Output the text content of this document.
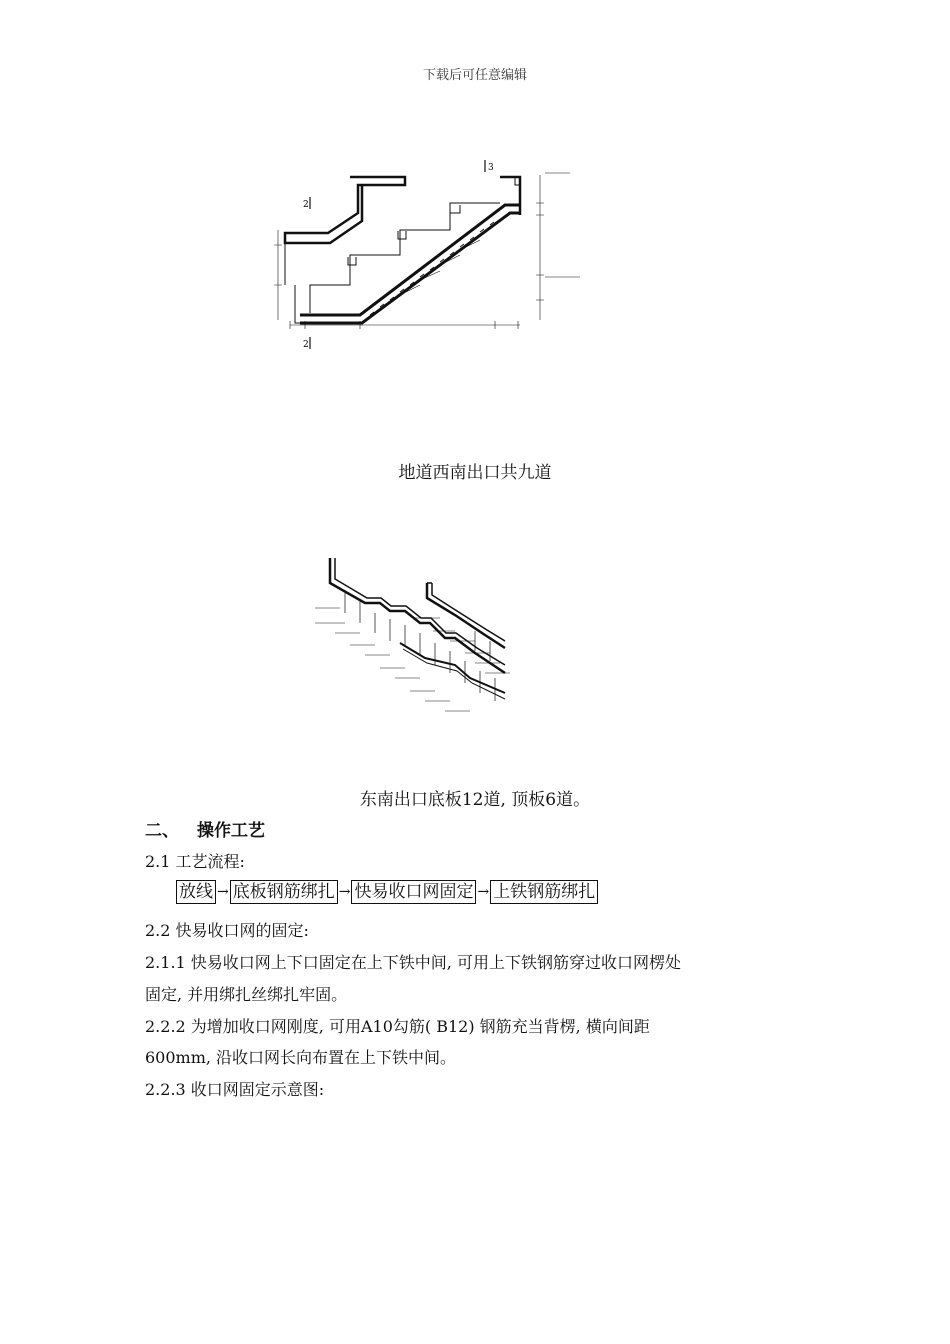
下载后可任意编辑
2
2
3
地道西南出口共九道
东南出口底板12道, 顶板6道。
二、 操作工艺
2.1 工艺流程:
放线 → 底板钢筋绑扎 → 快易收口网固定 → 上铁钢筋绑扎
2.2 快易收口网的固定:
2.1.1 快易收口网上下口固定在上下铁中间, 可用上下铁钢筋穿过收口网楞处
固定, 并用绑扎丝绑扎牢固。
2.2.2 为增加收口网刚度, 可用A10勾筋( B12) 钢筋充当背楞, 横向间距
600mm, 沿收口网长向布置在上下铁中间。
2.2.3 收口网固定示意图:
